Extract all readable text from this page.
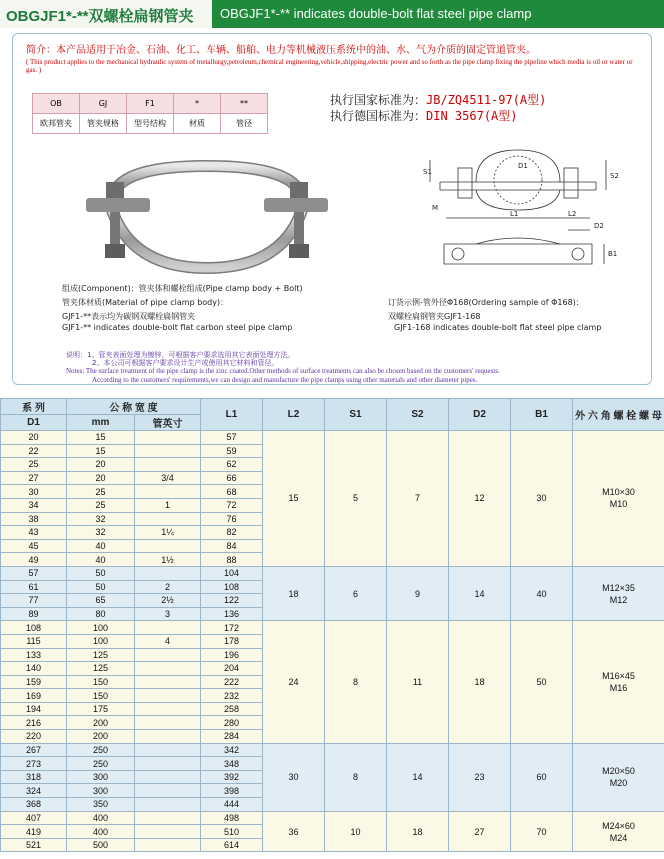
OBGJF1*-**双螺栓扁钢管夹	OBGJF1*-** indicates double-bolt flat steel pipe clamp
简介：本产品适用于冶金、石油、化工、车辆、船舶、电力等机械液压系统中的油、水、气为介质的固定管道管夹。
( This product applies to the mechanical hydraulic system of metallurgy,petroleum,chemical engineering,vehicle,shipping,electric power and so forth as the pipe clamp fixing the pipeline which media is oil or water or gas. )
OB	GJ	F1	*	**
欧邦管夹	管夹规格	型号结构	材质	管径
执行国家标准为：JB/ZQ4511-97(A型)
执行德国标准为：DIN 3567(A型)
S1
D1
S2
M
L1	L2
D2
B1
组成(Component)：管夹体和螺栓组成(Pipe clamp body + Bolt)
管夹体材质(Material of pipe clamp body)：
GJF1-**表示均为碳钢双螺栓扁钢管夹
GJF1-** indicates double-bolt flat carbon steel pipe clamp
订货示例-管外径Φ168(Ordering sample of Φ168)：
双螺栓扁钢管夹GJF1-168
GJF1-168 indicates double-bolt flat steel pipe clamp
说明：1、管夹表面处理为镀锌，可根据客户要求选用其它表面处理方法。
2、本公司可根据客户要求设计生产或使用其它材料和管径。
Notes: The surface treatment of the pipe clamp is the zinc coated.Other methods of surface treatments can also be chosen based on the customers' requests.
According to the customers' requirements,we can design and manufacture the pipe clamps using other materials and other diameter pipes.
系 列	公 称 宽 度		L1	L2	S1	S2	D2	B1	外 六 角 螺 栓 螺 母
D1	mm	管英寸							
20	15		57	15	5	7	12	30	M10×30
M10

22	15		59						
25	20		62						
27	20	3/4	66						
30	25		68						
34	25	1	72						
38	32		76						
43	32	1¼	82						
45	40		84						
49	40	1½	88						
57	50		104	18	6	9	14	40	M12×35
M12

61	50	2	108						
77	65	2½	122						
89	80	3	136						
108	100		172	24	8	11	18	50	M16×45
M16

115	100	4	178						
133	125		196						
140	125		204						
159	150		222						
169	150		232						
194	175		258						
216	200		280						
220	200		284						
267	250		342	30	8	14	23	60	M20×50
M20

273	250		348						
318	300		392						
324	300		398						
368	350		444						
407	400		498	36	10	18	27	70	M24×60
M24

419	400		510						
521	500		614						
